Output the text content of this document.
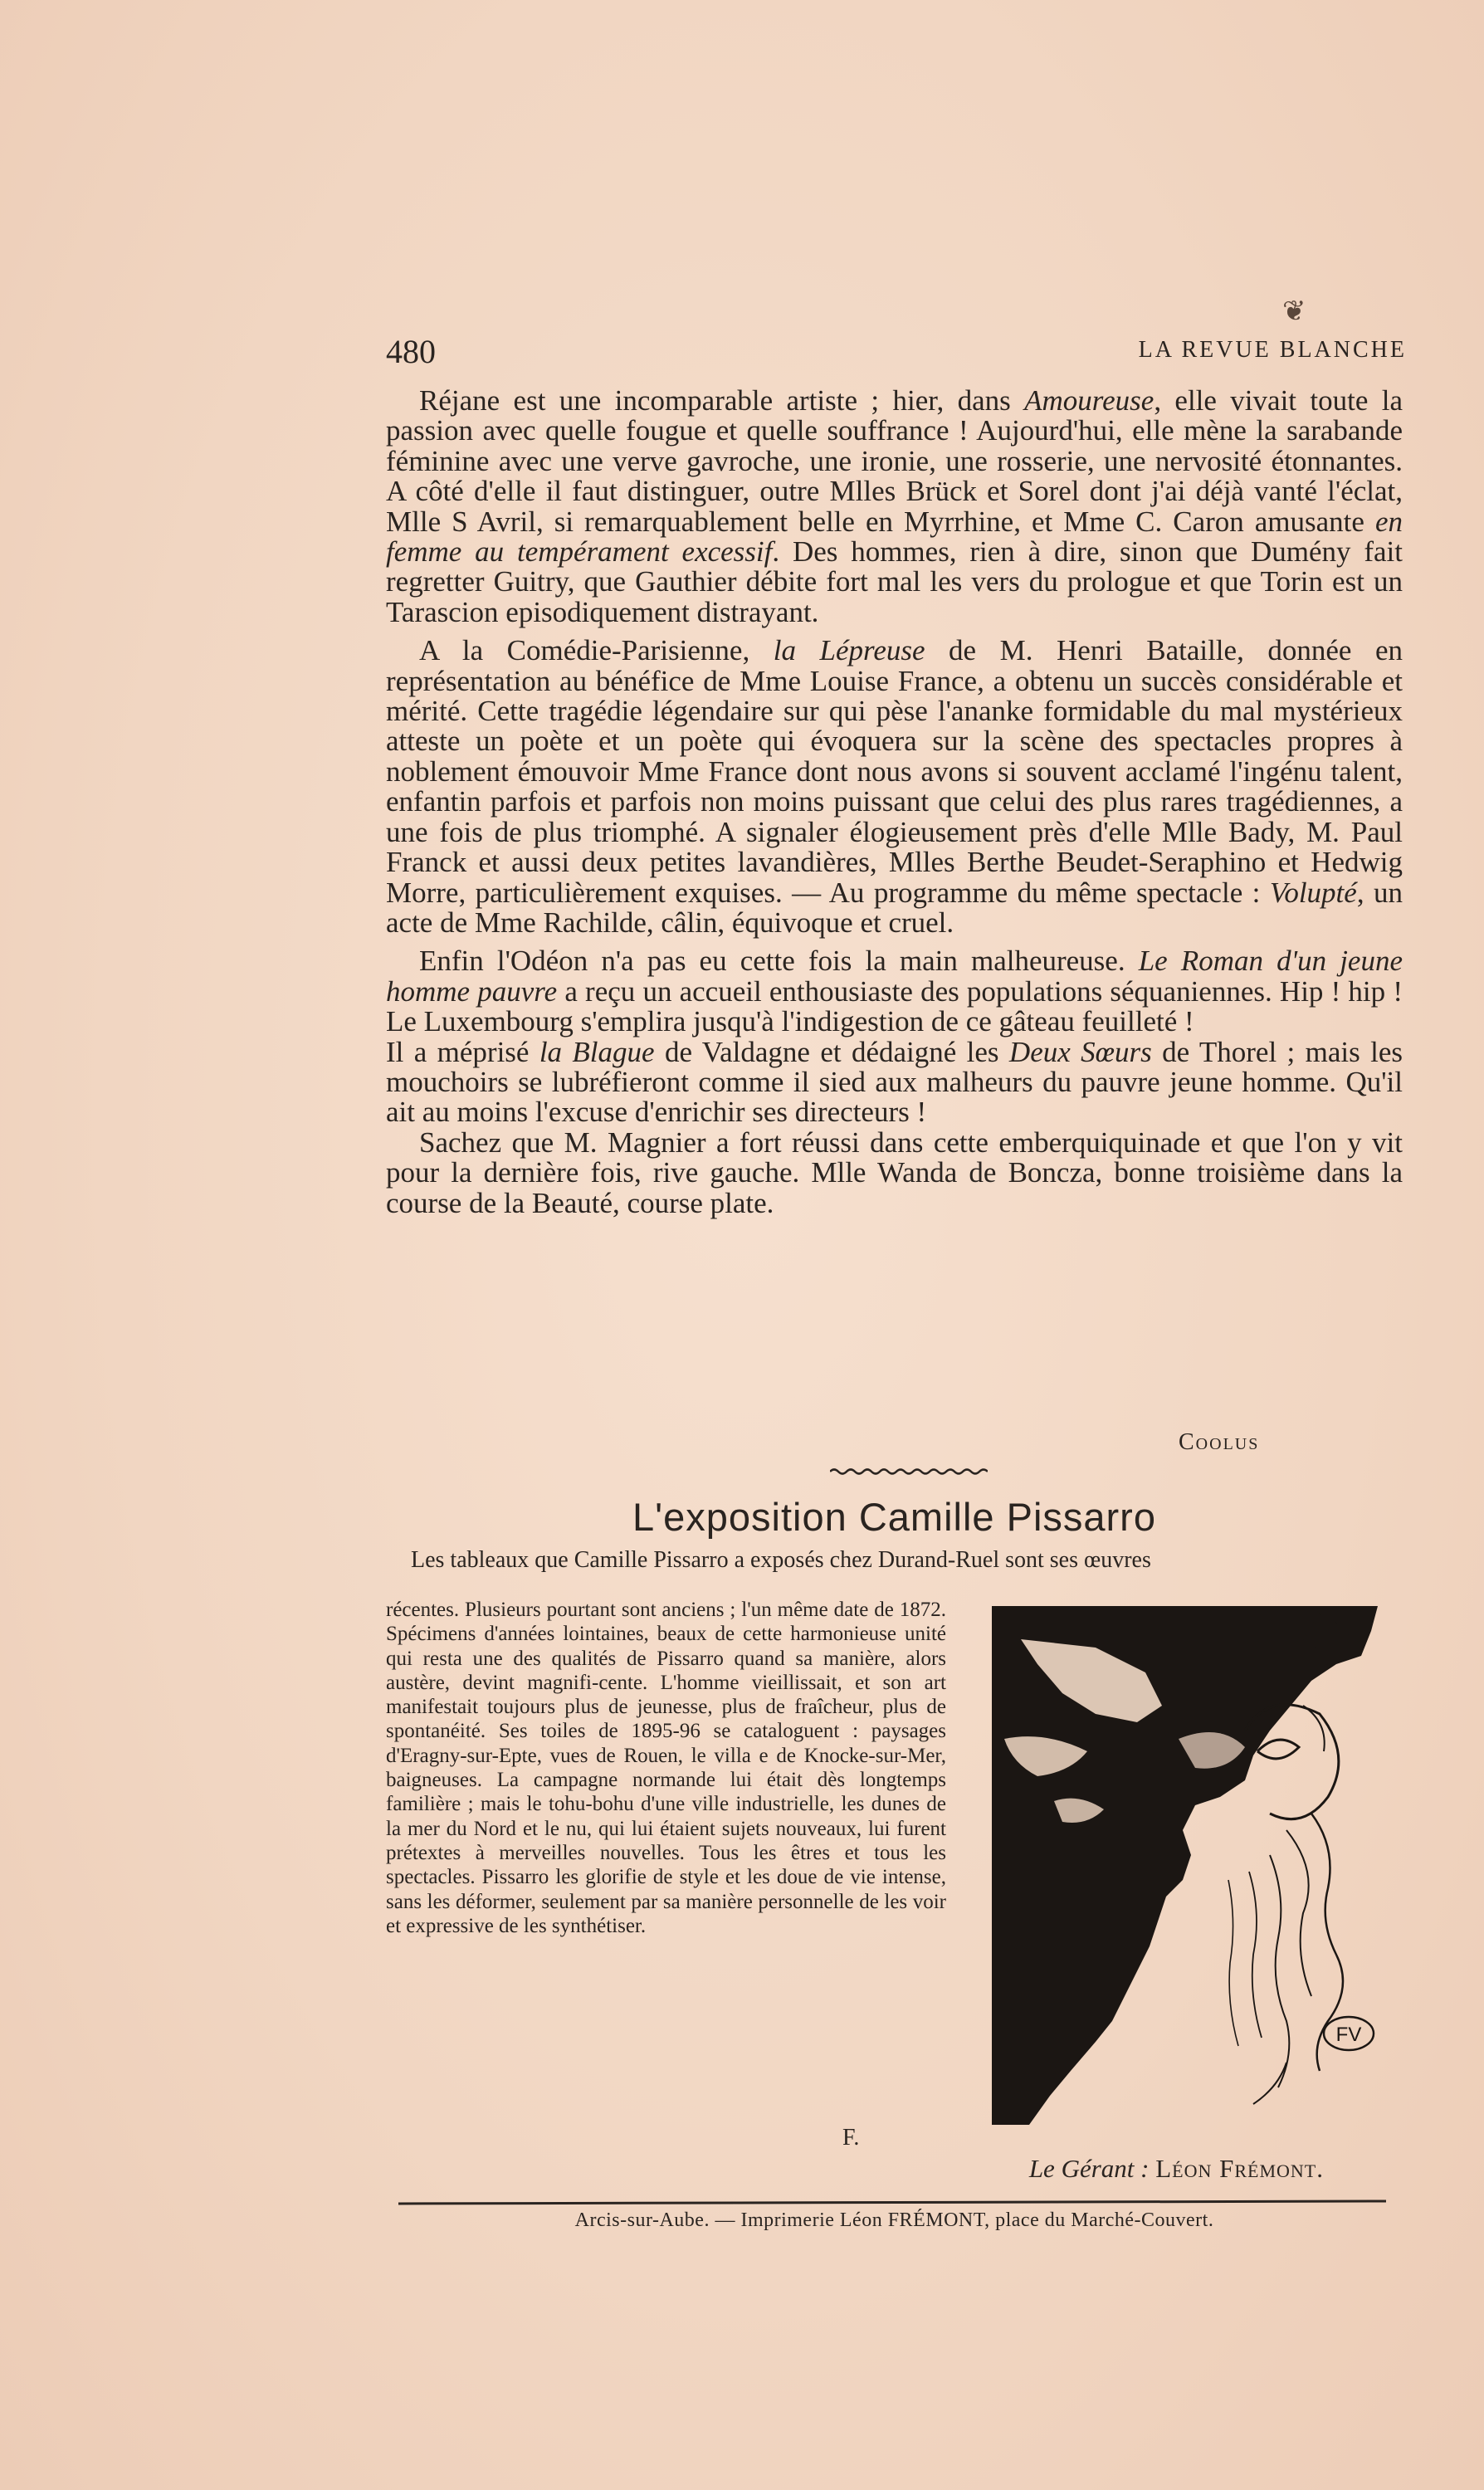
❦
480	LA REVUE BLANCHE

Réjane est une incomparable artiste ; hier, dans Amoureuse, elle vivait toute la passion avec quelle fougue et quelle souffrance ! Aujourd'hui, elle mène la sarabande féminine avec une verve gavroche, une ironie, une rosserie, une nervosité étonnantes. A côté d'elle il faut distinguer, outre Mlles Brück et Sorel dont j'ai déjà vanté l'éclat, Mlle S Avril, si remarquablement belle en Myrrhine, et Mme C. Caron amusante en femme au tempérament excessif. Des hommes, rien à dire, sinon que Duménу fait regretter Guitry, que Gauthier débite fort mal les vers du prologue et que Torin est un Tarascion episodiquement distrayant.

A la Comédie-Parisienne, la Lépreuse de M. Henri Bataille, donnée en représentation au bénéfice de Mme Louise France, a obtenu un succès considérable et mérité. Cette tragédie légendaire sur qui pèse l'ananke formidable du mal mystérieux atteste un poète et un poète qui évoquera sur la scène des spectacles propres à noblement émouvoir Mme France dont nous avons si souvent acclamé l'ingénu talent, enfantin parfois et parfois non moins puissant que celui des plus rares tragédiennes, a une fois de plus triomphé. A signaler élogieusement près d'elle Mlle Bady, M. Paul Franck et aussi deux petites lavandières, Mlles Berthe Beudet-Seraphino et Hedwig Morre, particulièrement exquises. — Au programme du même spectacle : Volupté, un acte de Mme Rachilde, câlin, équivoque et cruel.

Enfin l'Odéon n'a pas eu cette fois la main malheureuse. Le Roman d'un jeune homme pauvre a reçu un accueil enthousiaste des populations séquaniennes. Hip ! hip ! Le Luxembourg s'emplira jusqu'à l'indigestion de ce gâteau feuilleté !

Il a méprisé la Blague de Valdagne et dédaigné les Deux Sœurs de Thorel ; mais les mouchoirs se lubréfieront comme il sied aux malheurs du pauvre jeune homme. Qu'il ait au moins l'excuse d'enrichir ses directeurs !

Sachez que M. Magnier a fort réussi dans cette emberquiquinade et que l'on y vit pour la dernière fois, rive gauche. Mlle Wanda de Boncza, bonne troisième dans la course de la Beauté, course plate.

Coolus
L'exposition Camille Pissarro

Les tableaux que Camille Pissarro a exposés chez Durand-Ruel sont ses œuvres

récentes. Plusieurs pourtant sont anciens ; l'un même date de 1872. Spécimens d'années lointaines, beaux de cette harmonieuse unité qui resta une des qualités de Pissarro quand sa manière, alors austère, devint magnifi-cente. L'homme vieillissait, et son art manifestait toujours plus de jeunesse, plus de fraîcheur, plus de spontanéité. Ses toiles de 1895-96 se cataloguent : paysages d'Eragny-sur-Epte, vues de Rouen, le villa e de Knocke-sur-Mer, baigneuses. La campagne normande lui était dès longtemps familière ; mais le tohu-bohu d'une ville industrielle, les dunes de la mer du Nord et le nu, qui lui étaient sujets nouveaux, lui furent prétextes à merveilles nouvelles. Tous les êtres et tous les spectacles. Pissarro les glorifie de style et les doue de vie intense, sans les déformer, seulement par sa manière personnelle de les voir et expressive de les synthétiser.

F.
FV
Le Gérant : Léon Frémont.
Arcis-sur-Aube. — Imprimerie Léon FRÉMONT, place du Marché-Couvert.
